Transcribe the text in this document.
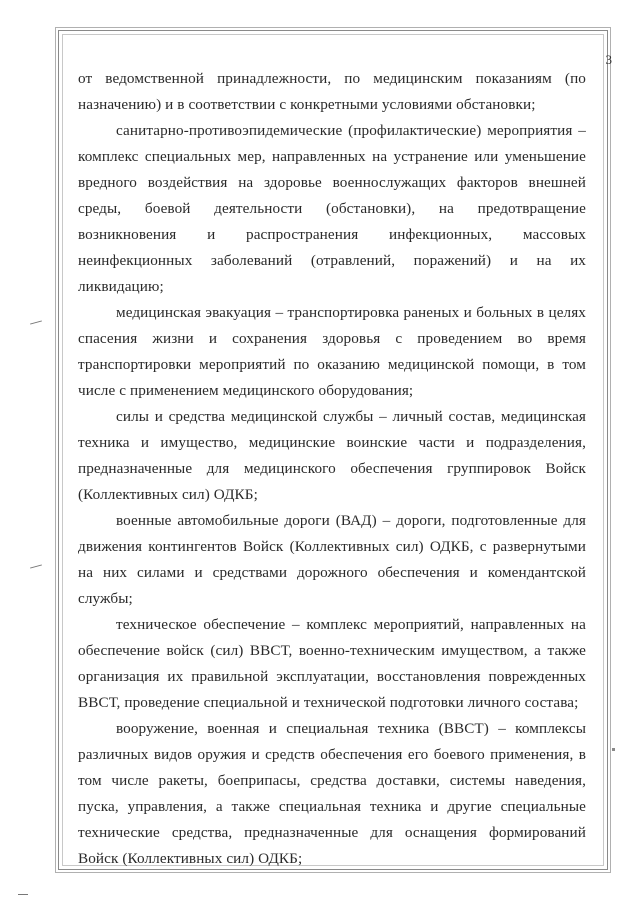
3

от ведомственной принадлежности, по медицинским показаниям (по назначению) и в соответствии с конкретными условиями обстановки;

санитарно-противоэпидемические (профилактические) мероприятия – комплекс специальных мер, направленных на устранение или уменьшение вредного воздействия на здоровье военнослужащих факторов внешней среды, боевой деятельности (обстановки), на предотвращение возникновения и распространения инфекционных, массовых неинфекционных заболеваний (отравлений, поражений) и на их ликвидацию;

медицинская эвакуация – транспортировка раненых и больных в целях спасения жизни и сохранения здоровья с проведением во время транспортировки мероприятий по оказанию медицинской помощи, в том числе с применением медицинского оборудования;

силы и средства медицинской службы – личный состав, медицинская техника и имущество, медицинские воинские части и подразделения, предназначенные для медицинского обеспечения группировок Войск (Коллективных сил) ОДКБ;

военные автомобильные дороги (ВАД) – дороги, подготовленные для движения контингентов Войск (Коллективных сил) ОДКБ, с развернутыми на них силами и средствами дорожного обеспечения и комендантской службы;

техническое обеспечение – комплекс мероприятий, направленных на обеспечение войск (сил) ВВСТ, военно-техническим имуществом, а также организация их правильной эксплуатации, восстановления поврежденных ВВСТ, проведение специальной и технической подготовки личного состава;

вооружение, военная и специальная техника (ВВСТ) – комплексы различных видов оружия и средств обеспечения его боевого применения, в том числе ракеты, боеприпасы, средства доставки, системы наведения, пуска, управления, а также специальная техника и другие специальные технические средства, предназначенные для оснащения формирований Войск (Коллективных сил) ОДКБ;
